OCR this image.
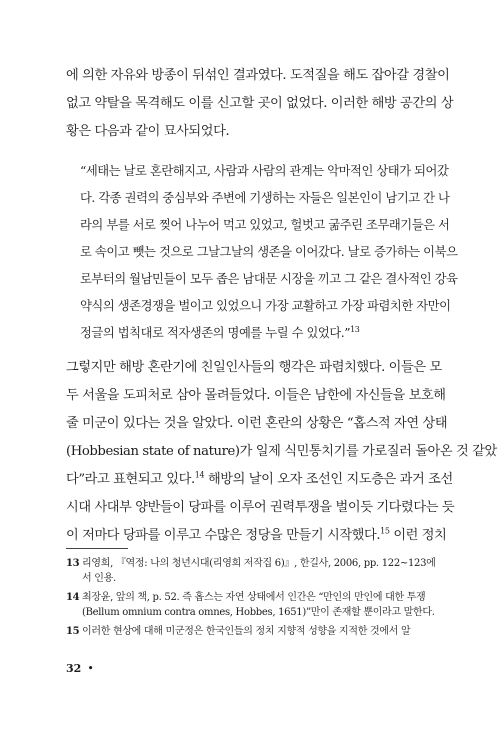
에 의한 자유와 방종이 뒤섞인 결과였다. 도적질을 해도 잡아갈 경찰이
없고 약탈을 목격해도 이를 신고할 곳이 없었다. 이러한 해방 공간의 상
황은 다음과 같이 묘사되었다.
“세태는 날로 혼란해지고, 사람과 사람의 관계는 악마적인 상태가 되어갔
다. 각종 권력의 중심부와 주변에 기생하는 자들은 일본인이 남기고 간 나
라의 부를 서로 찢어 나누어 먹고 있었고, 헐벗고 굶주린 조무래기들은 서
로 속이고 뺏는 것으로 그날그날의 생존을 이어갔다. 날로 증가하는 이북으
로부터의 월남민들이 모두 좁은 남대문 시장을 끼고 그 같은 결사적인 강육
약식의 생존경쟁을 벌이고 있었으니 가장 교활하고 가장 파렴치한 자만이
정글의 법칙대로 적자생존의 명예를 누릴 수 있었다.”$^{13}$
그렇지만 해방 혼란기에 친일인사들의 행각은 파렴치했다. 이들은 모
두 서울을 도피처로 삼아 몰려들었다. 이들은 남한에 자신들을 보호해
줄 미군이 있다는 것을 알았다. 이런 혼란의 상황은 “홉스적 자연 상태
(Hobbesian state of nature)가 일제 식민통치기를 가로질러 돌아온 것 같았
다”라고 표현되고 있다.$^{14}$ 해방의 날이 오자 조선인 지도층은 과거 조선
시대 사대부 양반들이 당파를 이루어 권력투쟁을 벌이듯 기다렸다는 듯
이 저마다 당파를 이루고 수많은 정당을 만들기 시작했다.$^{15}$ 이런 정치
13 리영희, 『역정: 나의 청년시대(리영희 저작집 6)』, 한길사, 2006, pp. 122~123에
서 인용.
14 최장윤, 앞의 책, p. 52. 즉 홉스는 자연 상태에서 인간은 “만인의 만인에 대한 투쟁
(Bellum omnium contra omnes, Hobbes, 1651)”만이 존재할 뿐이라고 말한다.
15 이러한 현상에 대해 미군정은 한국인들의 정치 지향적 성향을 지적한 것에서 알
32 •
